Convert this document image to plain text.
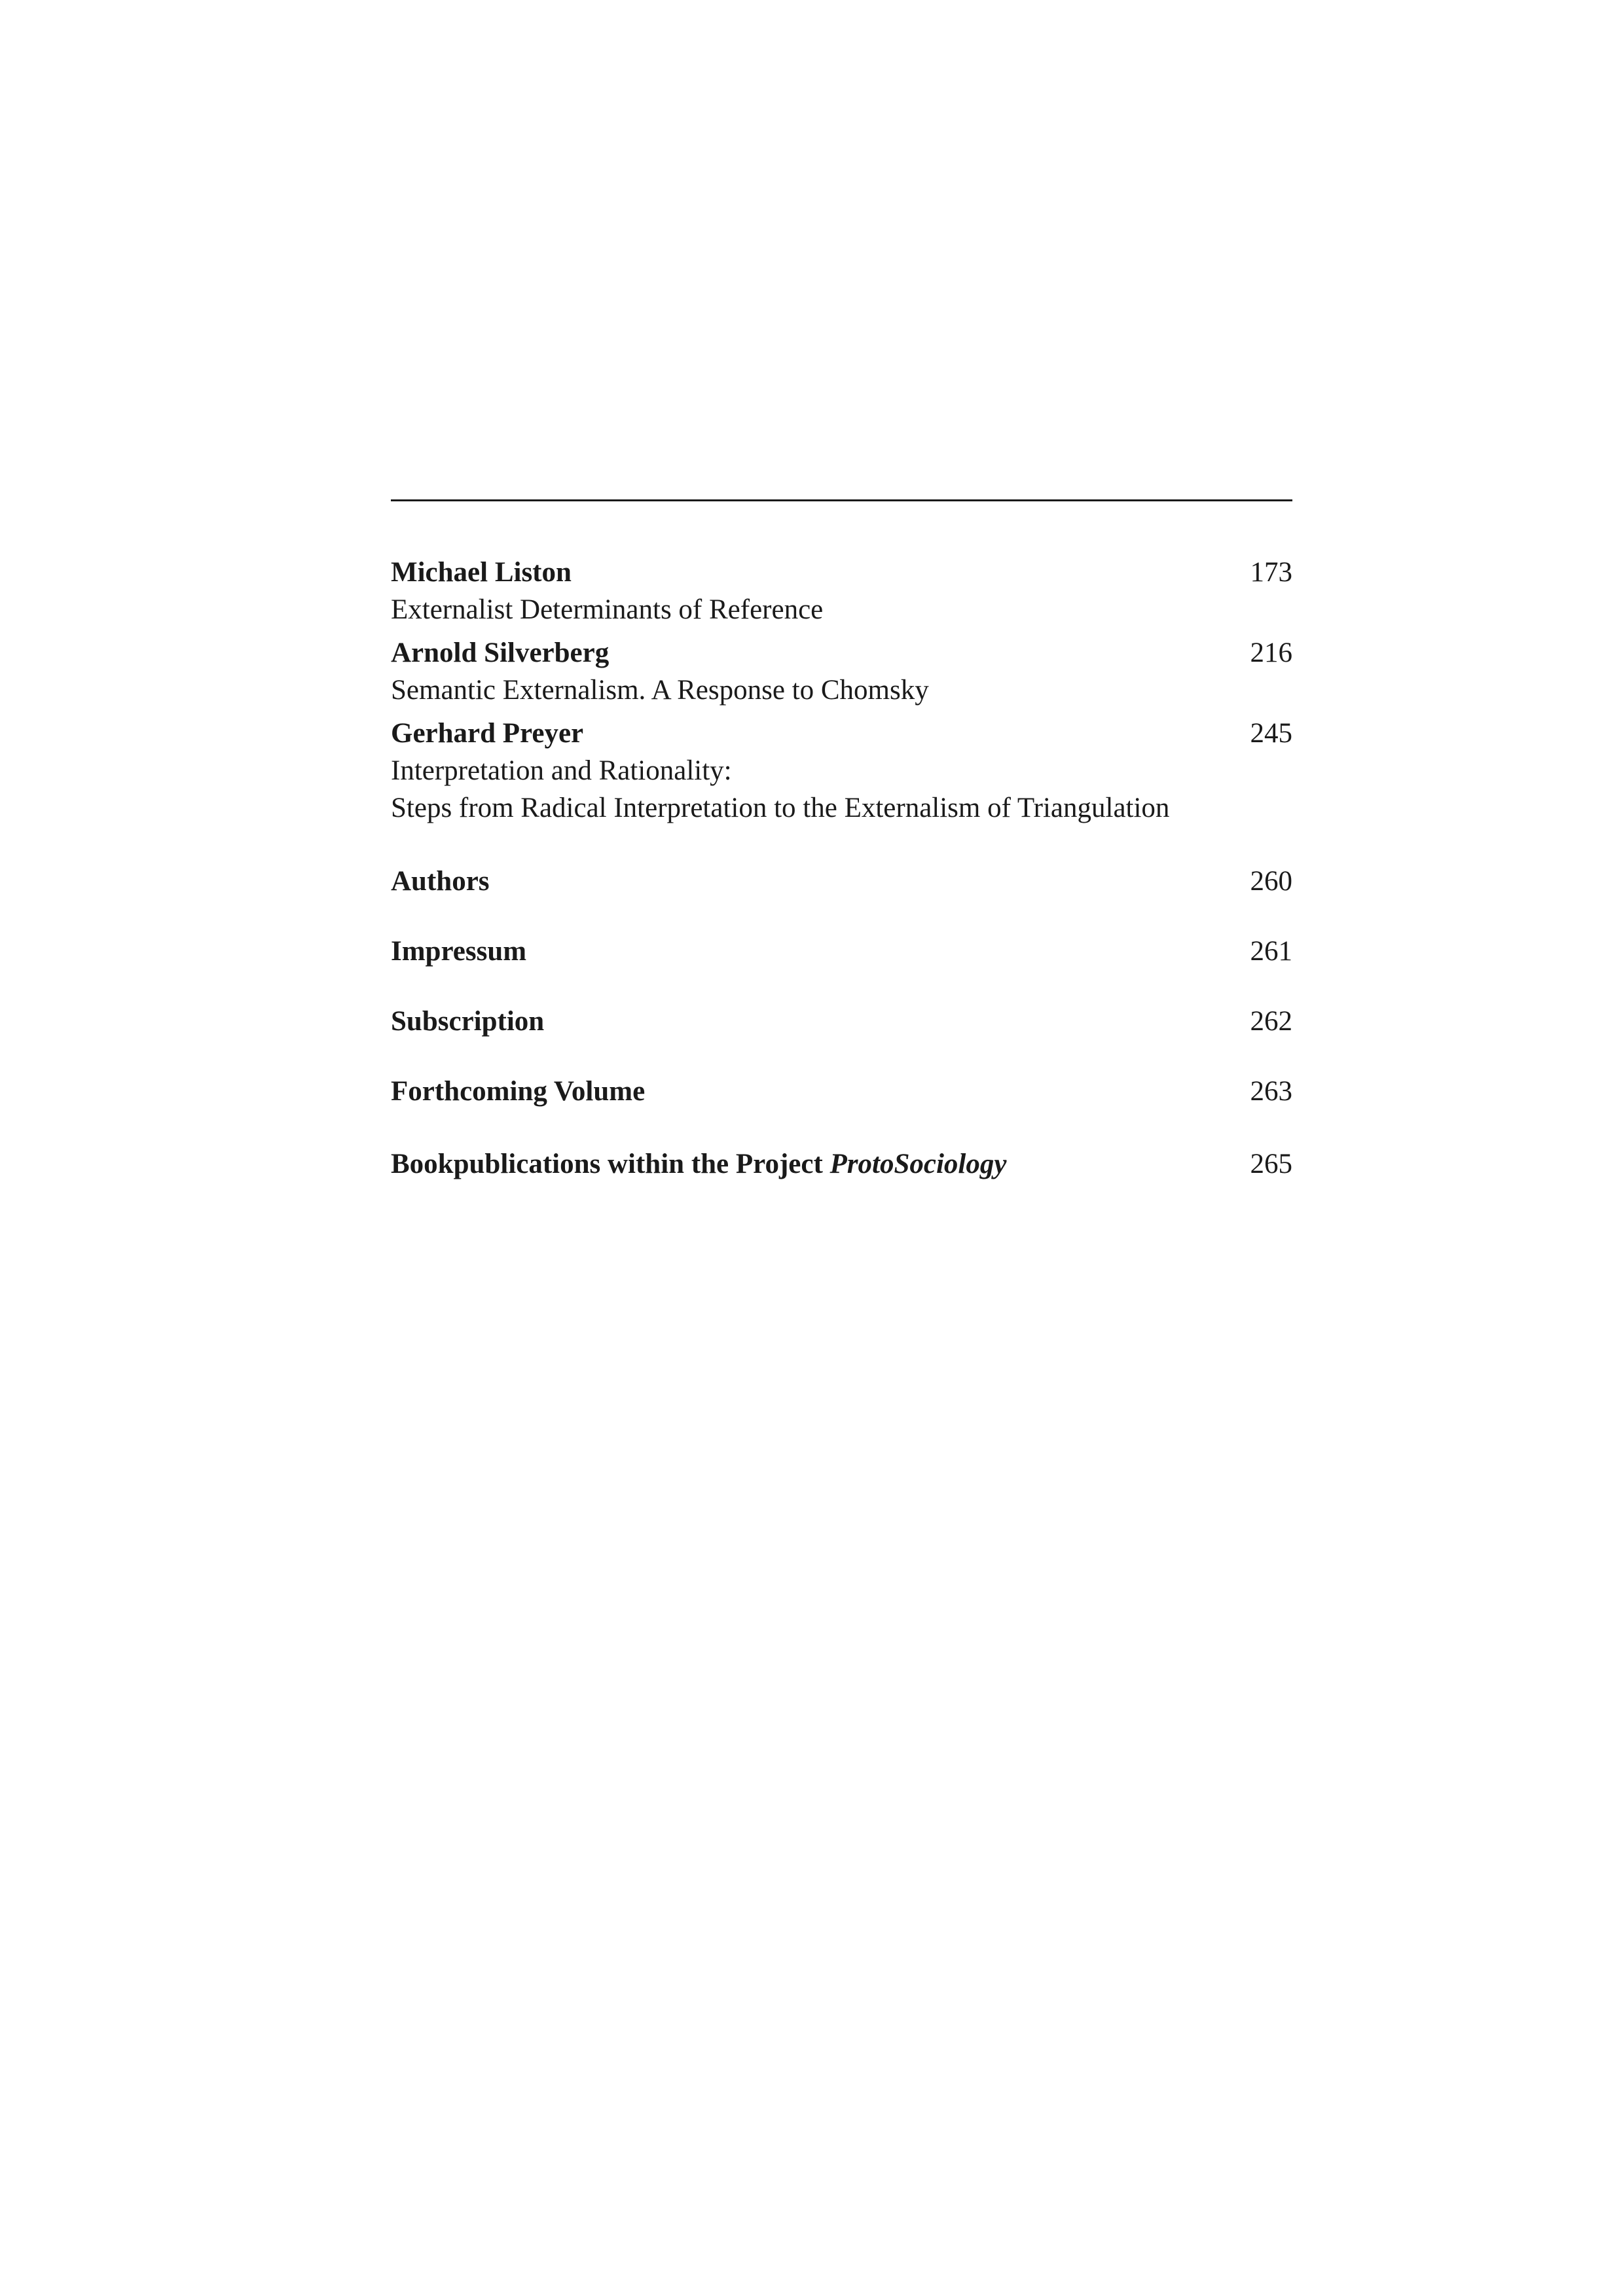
Michael Liston	173
Externalist Determinants of Reference
Arnold Silverberg	216
Semantic Externalism. A Response to Chomsky
Gerhard Preyer	245
Interpretation and Rationality:
Steps from Radical Interpretation to the Externalism of Triangulation
Authors	260
Impressum	261
Subscription	262
Forthcoming Volume	263
Bookpublications within the Project ProtoSociology	265
